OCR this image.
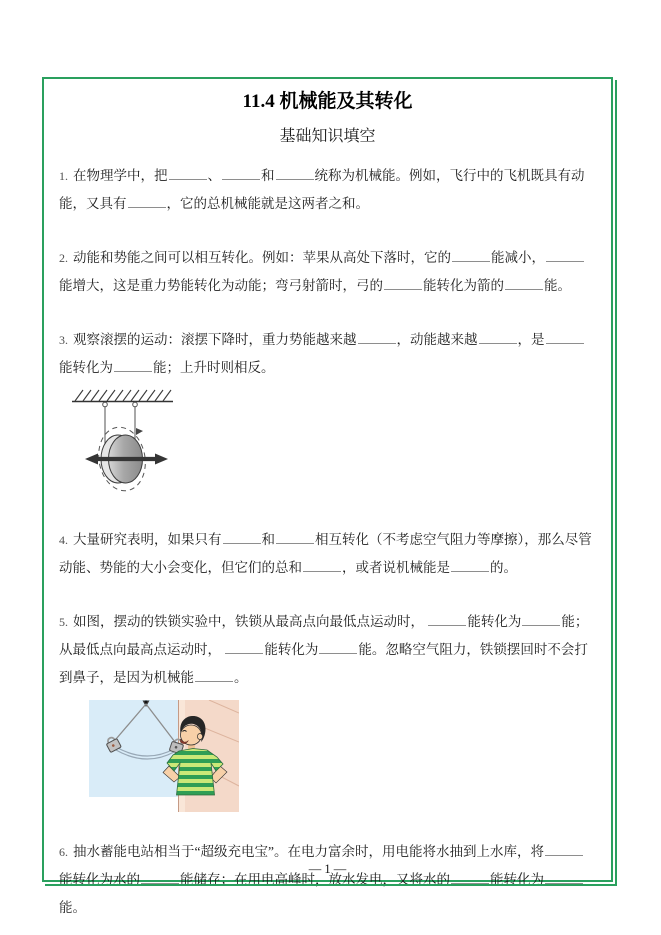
11.4 机械能及其转化
基础知识填空
1. 在物理学中，把	、	和	统称为机械能。例如，飞行中的飞机既具有动能，又具有	，它的总机械能就是这两者之和。
2. 动能和势能之间可以相互转化。例如：苹果从高处下落时，它的	能减小，能增大，这是重力势能转化为动能；弯弓射箭时，弓的	能转化为箭的	能。
3. 观察滚摆的运动：滚摆下降时，重力势能越来越	，动能越来越	，是能转化为	能；上升时则相反。
4. 大量研究表明，如果只有	和	相互转化（不考虑空气阻力等摩擦），那么尽管动能、势能的大小会变化，但它们的总和	，或者说机械能是	的。
5. 如图，摆动的铁锁实验中，铁锁从最高点向最低点运动时，	能转化为	能；从最低点向最高点运动时，	能转化为	能。忽略空气阻力，铁锁摆回时不会打到鼻子，是因为机械能	。
6. 抽水蓄能电站相当于“超级充电宝”。在电力富余时，用电能将水抽到上水库，将能转化为水的	能储存；在用电高峰时，放水发电，又将水的	能转化为能。
— 1 —
